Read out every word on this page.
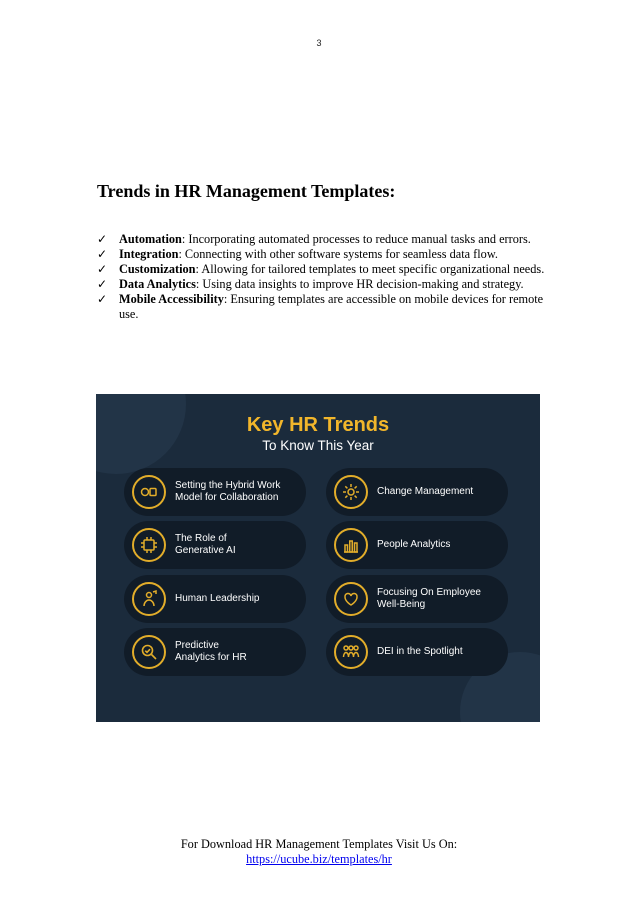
3
Trends in HR Management Templates:
✓ Automation: Incorporating automated processes to reduce manual tasks and errors.
✓ Integration: Connecting with other software systems for seamless data flow.
✓ Customization: Allowing for tailored templates to meet specific organizational needs.
✓ Data Analytics: Using data insights to improve HR decision-making and strategy.
✓ Mobile Accessibility: Ensuring templates are accessible on mobile devices for remote use.
Key HR Trends
To Know This Year
Setting the Hybrid Work
Model for Collaboration
Change Management
The Role of
Generative AI
People Analytics
Human Leadership
Focusing On Employee
Well-Being
Predictive
Analytics for HR
DEI in the Spotlight
For Download HR Management Templates Visit Us On:
https://ucube.biz/templates/hr
